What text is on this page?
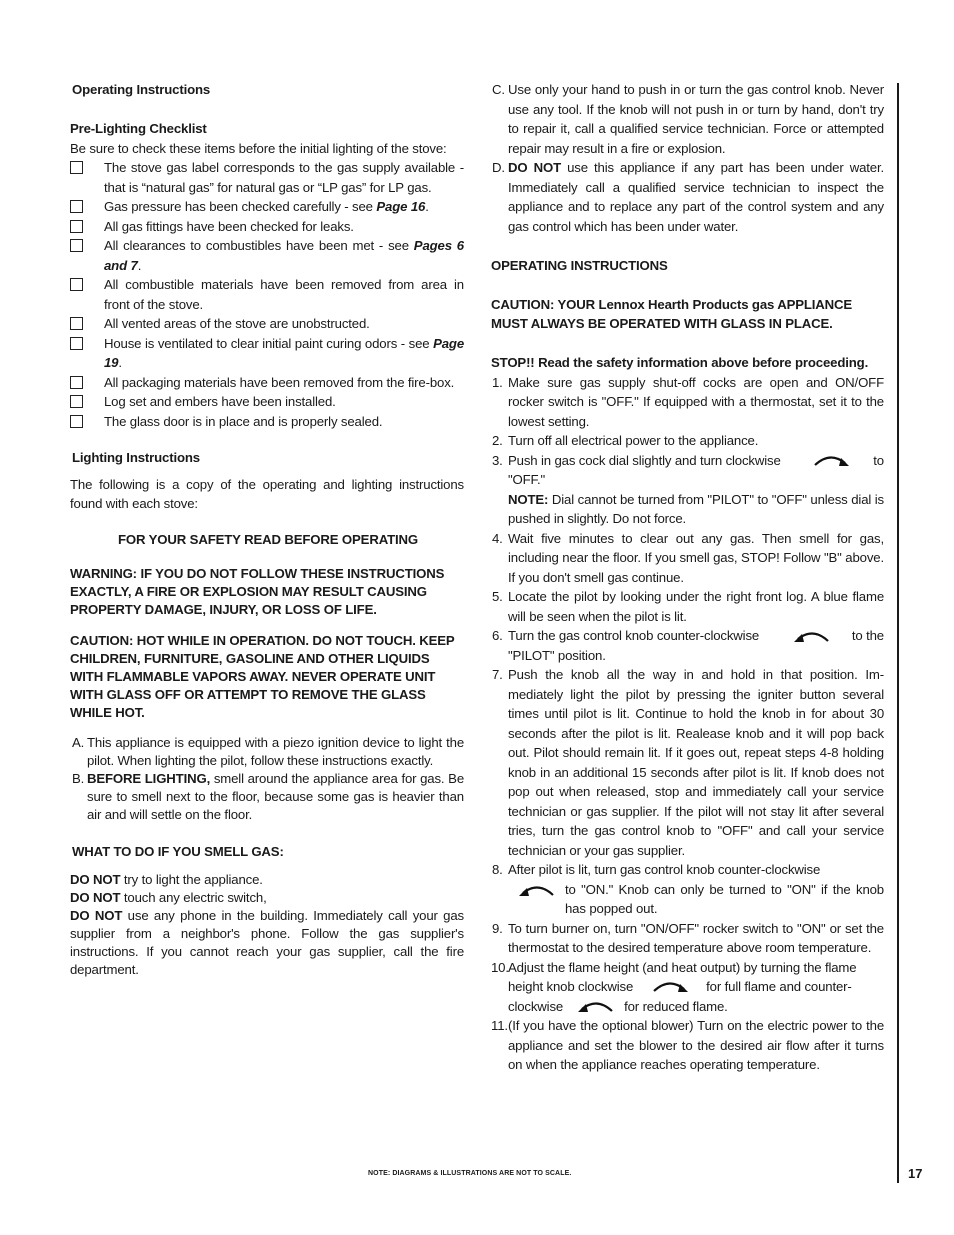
Operating Instructions
Pre-Lighting Checklist

Be sure to check these items before the initial lighting of the stove:

The stove gas label corresponds to the gas supply available - that is “natural gas” for natural gas or “LP gas” for LP gas.
Gas pressure has been checked carefully - see Page 16.
All gas fittings have been checked for leaks.
All clearances to combustibles have been met - see Pages 6 and 7.
All combustible materials have been removed from area in front of the stove.
All vented areas of the stove are unobstructed.
House is ventilated to clear initial paint curing odors - see Page 19.
All packaging materials have been removed from the fire-box.
Log set and embers have been installed.
The glass door is in place and is properly sealed.
Lighting Instructions

The following is a copy of the operating and lighting instructions found with each stove:

FOR YOUR SAFETY READ BEFORE OPERATING

WARNING: IF YOU DO NOT FOLLOW THESE INSTRUCTIONS EXACTLY, A FIRE OR EXPLOSION MAY RESULT CAUSING PROPERTY DAMAGE, INJURY, OR LOSS OF LIFE.

CAUTION: HOT WHILE IN OPERATION. DO NOT TOUCH. KEEP CHILDREN, FURNITURE, GASOLINE AND OTHER LIQUIDS WITH FLAMMABLE VAPORS AWAY. NEVER OPERATE UNIT WITH GLASS OFF OR ATTEMPT TO REMOVE THE GLASS WHILE HOT.

A. This appliance is equipped with a piezo ignition device to light the pilot. When lighting the pilot, follow these instructions exactly.
B. BEFORE LIGHTING, smell around the appliance area for gas. Be sure to smell next to the floor, because some gas is heavier than air and will settle on the floor.
WHAT TO DO IF YOU SMELL GAS:

DO NOT try to light the appliance.

DO NOT touch any electric switch,

DO NOT use any phone in the building. Immediately call your gas supplier from a neighbor's phone. Follow the gas supplier's instructions. If you cannot reach your gas supplier, call the fire department.

C. Use only your hand to push in or turn the gas control knob. Never use any tool. If the knob will not push in or turn by hand, don't try to repair it, call a qualified service technician. Force or attempted repair may result in a fire or explosion.
D. DO NOT use this appliance if any part has been under water. Immediately call a qualified service technician to inspect the appliance and to replace any part of the control system and any gas control which has been under water.
OPERATING INSTRUCTIONS

CAUTION: YOUR Lennox Hearth Products gas APPLIANCE MUST ALWAYS BE OPERATED WITH GLASS IN PLACE.

STOP!! Read the safety information above before proceeding.

1. Make sure gas supply shut-off cocks are open and ON/OFF rocker switch is "OFF." If equipped with a thermostat, set it to the lowest setting.
2. Turn off all electrical power to the appliance.
3. Push in gas cock dial slightly and turn clockwise	to
"OFF."
NOTE: Dial cannot be turned from "PILOT" to "OFF" unless dial is pushed in slightly. Do not force.
4. Wait five minutes to clear out any gas. Then smell for gas, including near the floor. If you smell gas, STOP! Follow "B" above. If you don't smell gas continue.
5. Locate the pilot by looking under the right front log. A blue flame will be seen when the pilot is lit.
6. Turn the gas control knob counter-clockwise	to the
"PILOT" position.
7. Push the knob all the way in and hold in that position. Im-mediately light the pilot by pressing the igniter button several times until pilot is lit. Continue to hold the knob in for about 30 seconds after the pilot is lit. Realease knob and it will pop back out. Pilot should remain lit. If it goes out, repeat steps 4-8 holding knob in an additional 15 seconds after pilot is lit. If knob does not pop out when released, stop and immediately call your service technician or gas supplier. If the pilot will not stay lit after several tries, turn the gas control knob to "OFF" and call your service technician or your gas supplier.
8. After pilot is lit, turn gas control knob counter-clockwise
to "ON." Knob can only be turned to "ON" if the knob has popped out.
9. To turn burner on, turn "ON/OFF" rocker switch to "ON" or set the thermostat to the desired temperature above room temperature.
10. Adjust the flame height (and heat output) by turning the flame height knob clockwise	for full flame and counter-clockwise	for reduced flame.
11. (If you have the optional blower) Turn on the electric power to the appliance and set the blower to the desired air flow after it turns on when the appliance reaches operating temperature.
NOTE: DIAGRAMS & ILLUSTRATIONS ARE NOT TO SCALE.	17
